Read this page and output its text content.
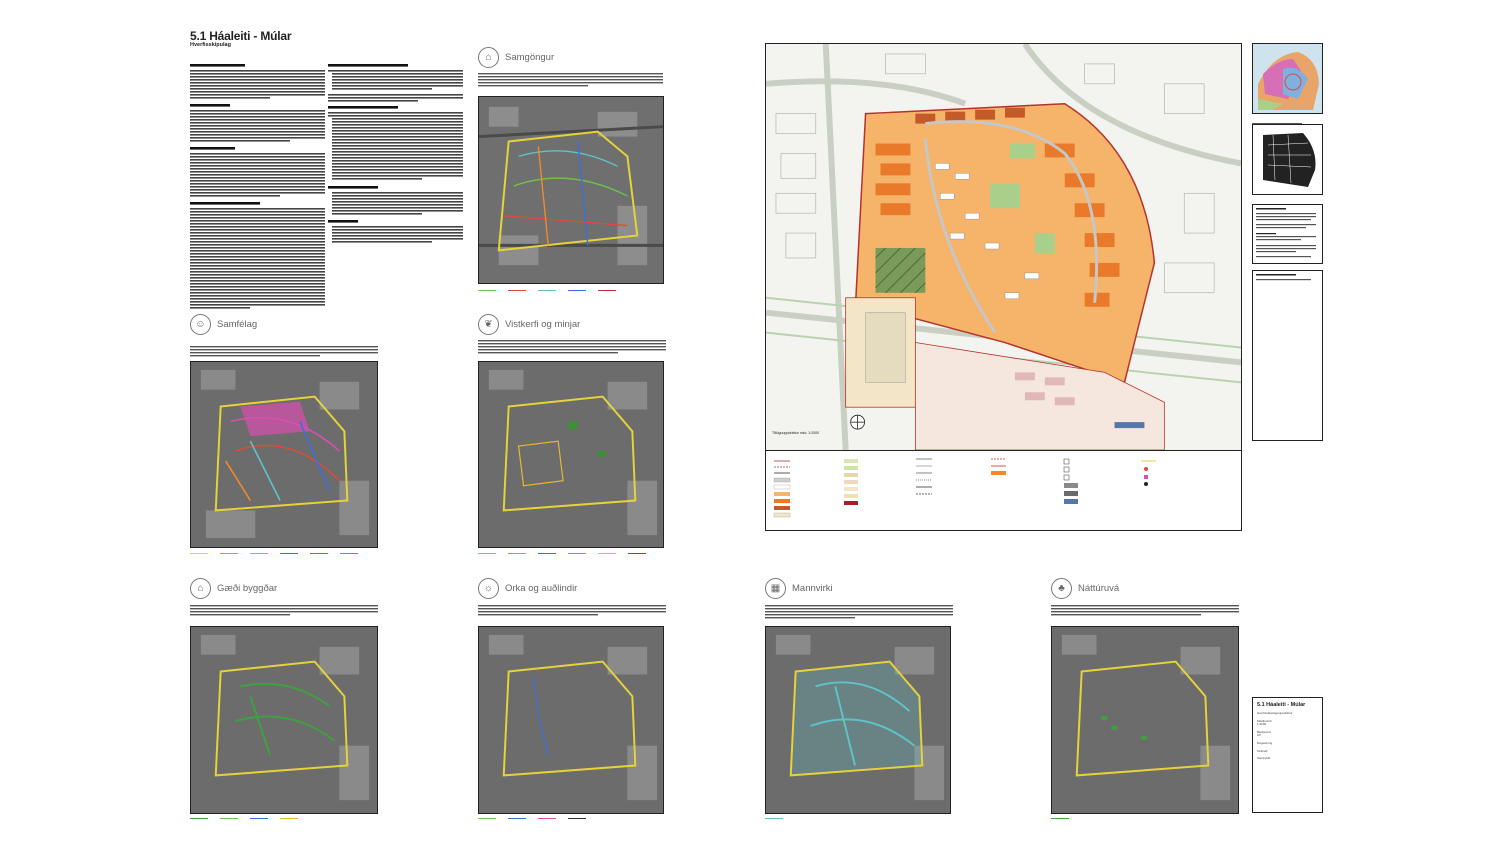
5.1 Háaleiti - Múlar
Hverfisskipulag
⌂	Samgöngur
☺	Samfélag	❦	Vistkerfi og minjar
⌂	Gæði byggðar	☼	Orka og auðlindir	▦	Mannvirki	♣	Náttúruvá
Tillöguuppdráttur mkv. 1:2000
5.1 Háaleiti - Múlar
Hverfisskipulagsuppdráttur
Mælikvarði
1:2000
Blaðstærð
A0
Dagsetning
Teiknað
Samþykkt
